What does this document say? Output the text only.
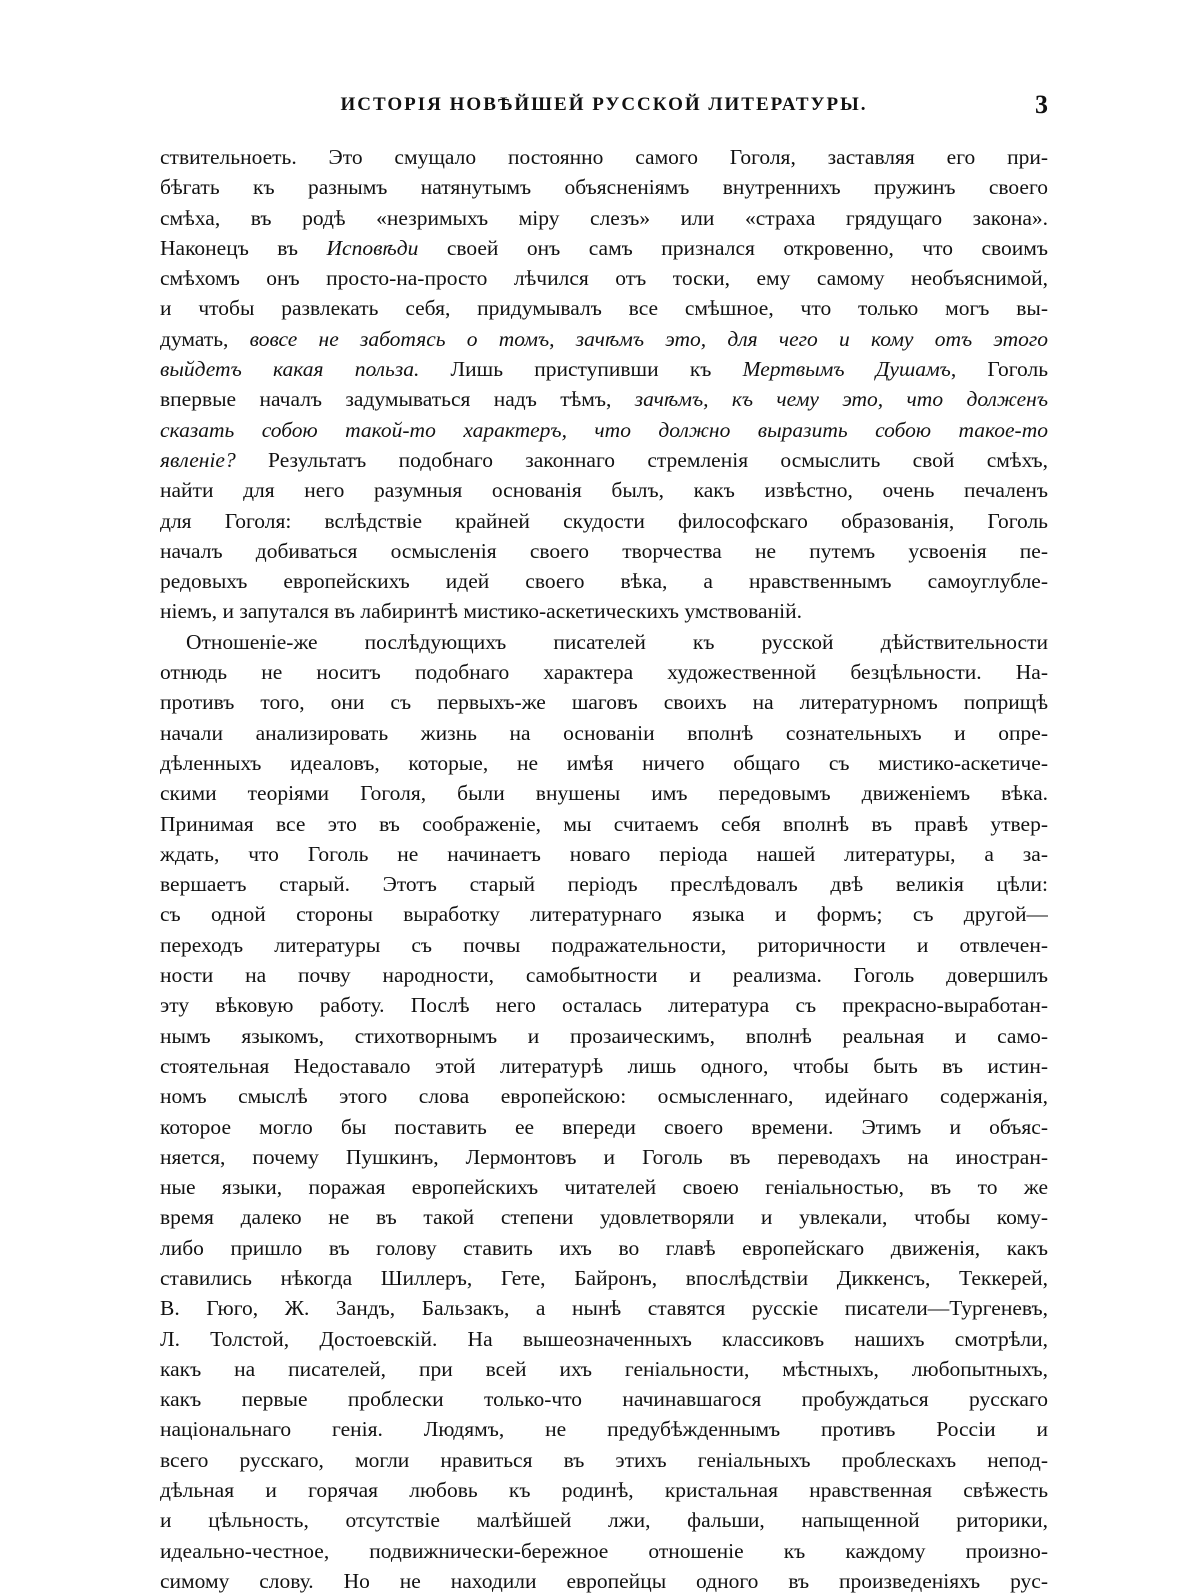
ИСТОРІЯ НОВѢЙШЕЙ РУССКОЙ ЛИТЕРАТУРЫ.	3
ствительноеть. Это смущало постоянно самого Гоголя, заставляя его при-
бѣгать къ разнымъ натянутымъ объясненіямъ внутреннихъ пружинъ своего
смѣха, въ родѣ «незримыхъ міру слезъ» или «страха грядущаго закона».
Наконецъ въ Исповѣди своей онъ самъ признался откровенно, что своимъ
смѣхомъ онъ просто-на-просто лѣчился отъ тоски, ему самому необъяснимой,
и чтобы развлекать себя, придумывалъ все смѣшное, что только могъ вы-
думать, вовсе не заботясь о томъ, зачѣмъ это, для чего и кому отъ этого
выйдетъ какая польза. Лишь приступивши къ Мертвымъ Душамъ, Гоголь
впервые началъ задумываться надъ тѣмъ, зачѣмъ, къ чему это, что долженъ
сказать собою такой-то характеръ, что должно выразить собою такое-то
явленіе? Результатъ подобнаго законнаго стремленія осмыслить свой смѣхъ,
найти для него разумныя основанія былъ, какъ извѣстно, очень печаленъ
для Гоголя: вслѣдствіе крайней скудости философскаго образованія, Гоголь
началъ добиваться осмысленія своего творчества не путемъ усвоенія пе-
редовыхъ европейскихъ идей своего вѣка, а нравственнымъ самоуглубле-
ніемъ, и запутался въ лабиринтѣ мистико-аскетическихъ умствованій.
Отношеніе-же послѣдующихъ писателей къ русской дѣйствительности
отнюдь не носитъ подобнаго характера художественной безцѣльности. На-
противъ того, они съ первыхъ-же шаговъ своихъ на литературномъ поприщѣ
начали анализировать жизнь на основаніи вполнѣ сознательныхъ и опре-
дѣленныхъ идеаловъ, которые, не имѣя ничего общаго съ мистико-аскетиче-
скими теоріями Гоголя, были внушены имъ передовымъ движеніемъ вѣка.
Принимая все это въ соображеніе, мы считаемъ себя вполнѣ въ правѣ утвер-
ждать, что Гоголь не начинаетъ новаго періода нашей литературы, а за-
вершаетъ старый. Этотъ старый періодъ преслѣдовалъ двѣ великія цѣли:
съ одной стороны выработку литературнаго языка и формъ; съ другой—
переходъ литературы съ почвы подражательности, риторичности и отвлечен-
ности на почву народности, самобытности и реализма. Гоголь довершилъ
эту вѣковую работу. Послѣ него осталась литература съ прекрасно-выработан-
нымъ языкомъ, стихотворнымъ и прозаическимъ, вполнѣ реальная и само-
стоятельная Недоставало этой литературѣ лишь одного, чтобы быть въ истин-
номъ смыслѣ этого слова европейскою: осмысленнаго, идейнаго содержанія,
которое могло бы поставить ее впереди своего времени. Этимъ и объяс-
няется, почему Пушкинъ, Лермонтовъ и Гоголь въ переводахъ на иностран-
ные языки, поражая европейскихъ читателей своею геніальностью, въ то же
время далеко не въ такой степени удовлетворяли и увлекали, чтобы кому-
либо пришло въ голову ставить ихъ во главѣ европейскаго движенія, какъ
ставились нѣкогда Шиллеръ, Гете, Байронъ, впослѣдствіи Диккенсъ, Теккерей,
В. Гюго, Ж. Зандъ, Бальзакъ, а нынѣ ставятся русскіе писатели—Тургеневъ,
Л. Толстой, Достоевскій. На вышеозначенныхъ классиковъ нашихъ смотрѣли,
какъ на писателей, при всей ихъ геніальности, мѣстныхъ, любопытныхъ,
какъ первые проблески только-что начинавшагося пробуждаться русскаго
національнаго генія. Людямъ, не предубѣжденнымъ противъ Россіи и
всего русскаго, могли нравиться въ этихъ геніальныхъ проблескахъ непод-
дѣльная и горячая любовь къ родинѣ, кристальная нравственная свѣжесть
и цѣльность, отсутствіе малѣйшей лжи, фальши, напыщенной риторики,
идеально-честное, подвижнически-бережное отношеніе къ каждому произно-
симому слову. Но не находили европейцы одного въ произведеніяхъ рус-
